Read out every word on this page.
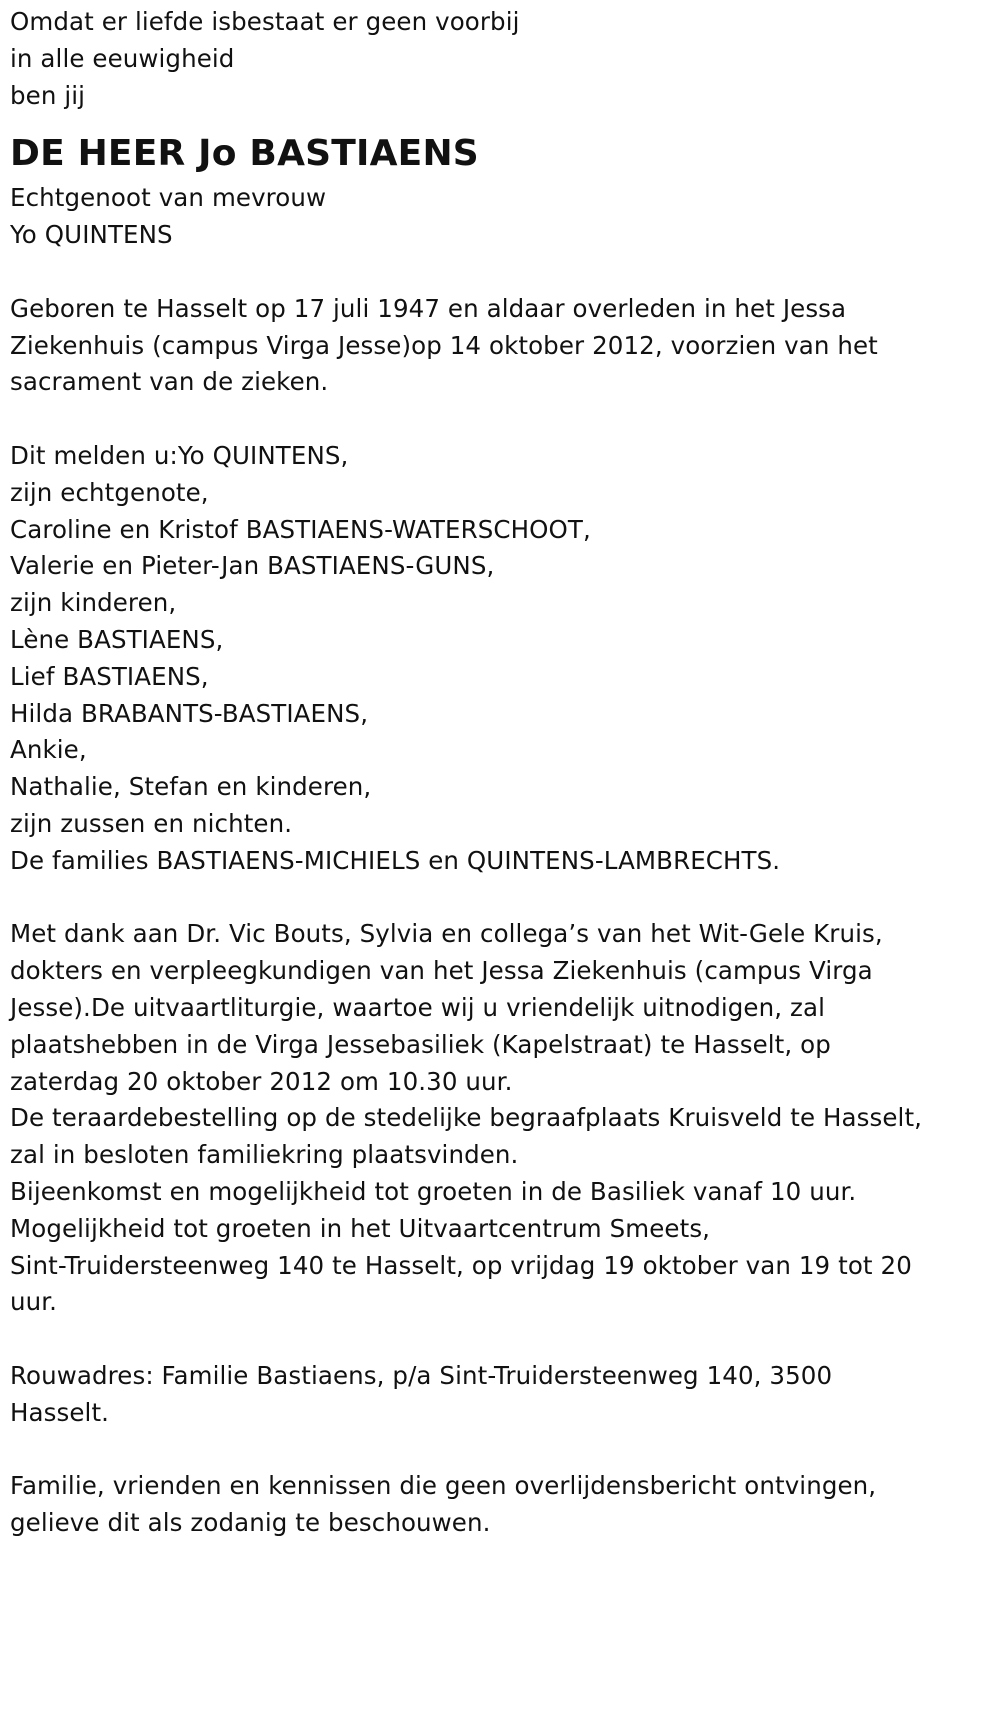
Omdat er liefde isbestaat er geen voorbij
in alle eeuwigheid
ben jij
DE HEER Jo BASTIAENS
Echtgenoot van mevrouw
Yo QUINTENS
Geboren te Hasselt op 17 juli 1947 en aldaar overleden in het Jessa
Ziekenhuis (campus Virga Jesse)op 14 oktober 2012, voorzien van het
sacrament van de zieken.
Dit melden u:Yo QUINTENS,
zijn echtgenote,
Caroline en Kristof BASTIAENS-WATERSCHOOT,
Valerie en Pieter-Jan BASTIAENS-GUNS,
zijn kinderen,
Lène BASTIAENS,
Lief BASTIAENS,
Hilda BRABANTS-BASTIAENS,
Ankie,
Nathalie, Stefan en kinderen,
zijn zussen en nichten.
De families BASTIAENS-MICHIELS en QUINTENS-LAMBRECHTS.
Met dank aan Dr. Vic Bouts, Sylvia en collega’s van het Wit-Gele Kruis,
dokters en verpleegkundigen van het Jessa Ziekenhuis (campus Virga
Jesse).De uitvaartliturgie, waartoe wij u vriendelijk uitnodigen, zal
plaatshebben in de Virga Jessebasiliek (Kapelstraat) te Hasselt, op
zaterdag 20 oktober 2012 om 10.30 uur.
De teraardebestelling op de stedelijke begraafplaats Kruisveld te Hasselt,
zal in besloten familiekring plaatsvinden.
Bijeenkomst en mogelijkheid tot groeten in de Basiliek vanaf 10 uur.
Mogelijkheid tot groeten in het Uitvaartcentrum Smeets,
Sint-Truidersteenweg 140 te Hasselt, op vrijdag 19 oktober van 19 tot 20
uur.
Rouwadres: Familie Bastiaens, p/a Sint-Truidersteenweg 140, 3500
Hasselt.
Familie, vrienden en kennissen die geen overlijdensbericht ontvingen,
gelieve dit als zodanig te beschouwen.
